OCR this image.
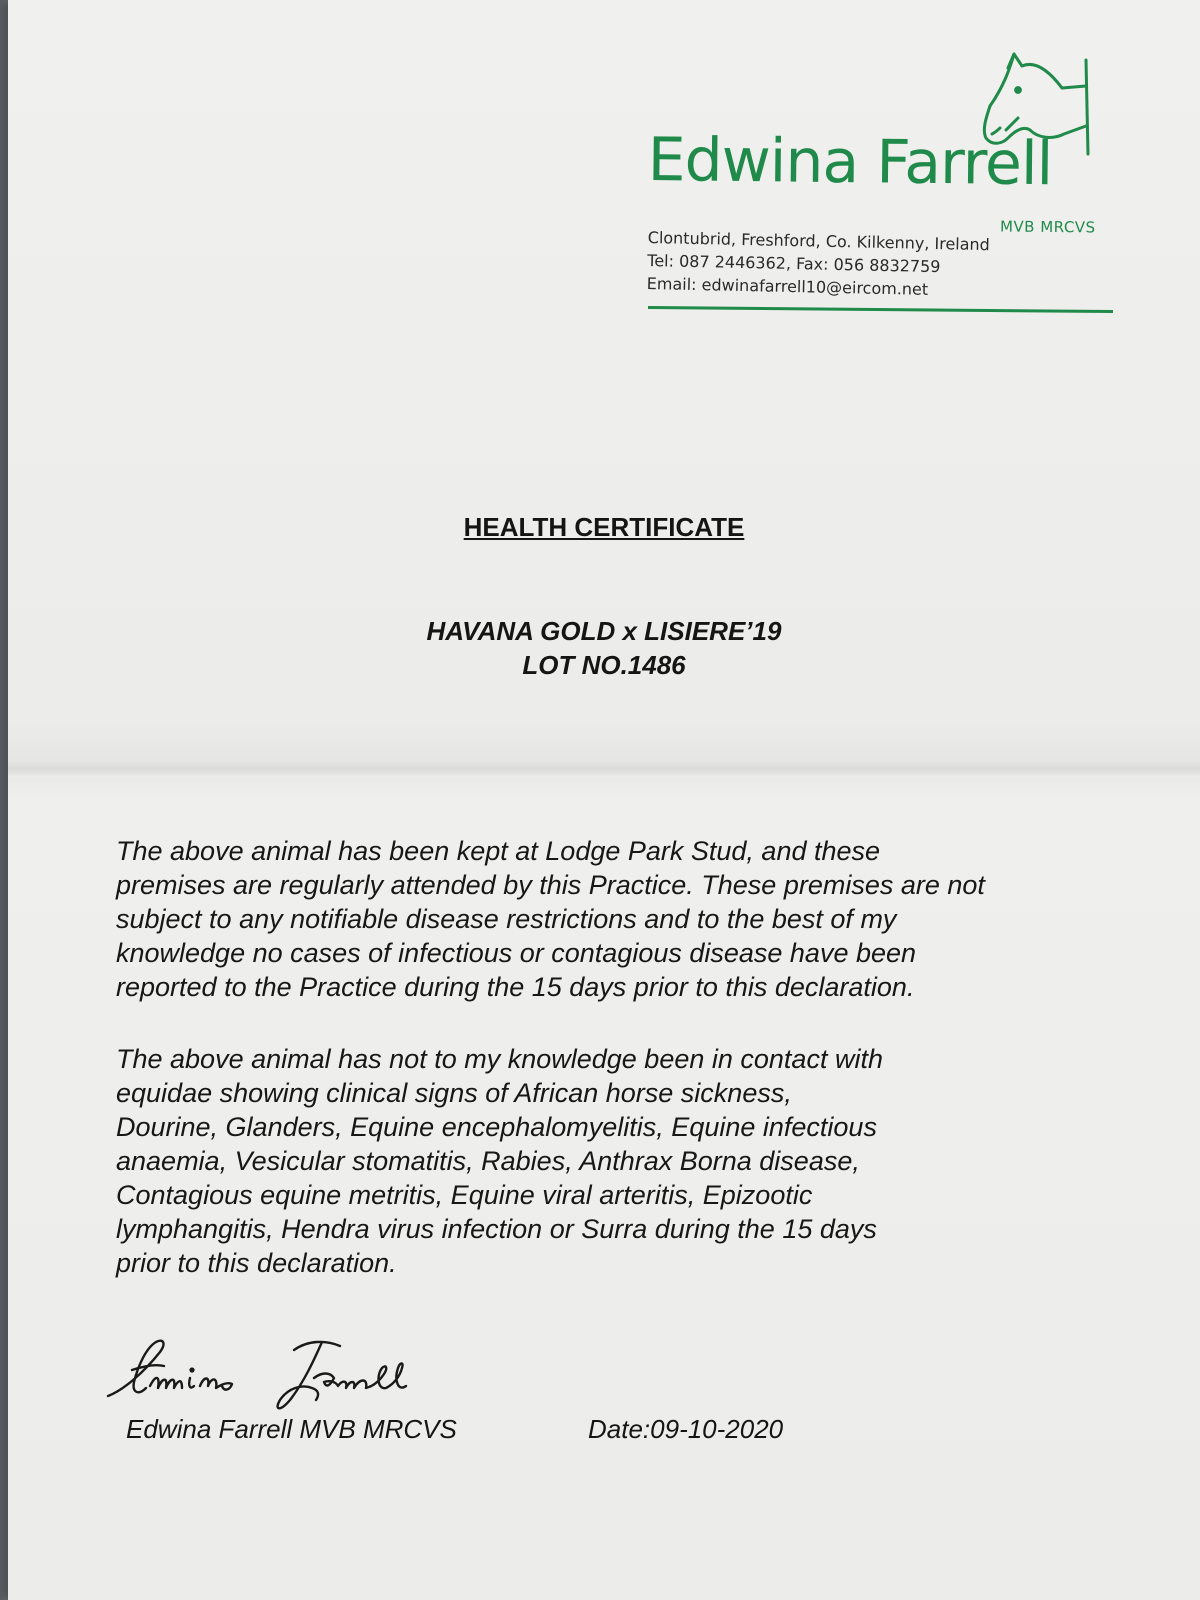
Edwina Farrell
MVB MRCVS
Clontubrid, Freshford, Co. Kilkenny, Ireland
Tel: 087 2446362, Fax: 056 8832759
Email: edwinafarrell10@eircom.net
HEALTH CERTIFICATE
HAVANA GOLD x LISIERE’19
LOT NO.1486
The above animal has been kept at Lodge Park Stud, and these
premises are regularly attended by this Practice. These premises are not
subject to any notifiable disease restrictions and to the best of my
knowledge no cases of infectious or contagious disease have been
reported to the Practice during the 15 days prior to this declaration.
The above animal has not to my knowledge been in contact with
equidae showing clinical signs of African horse sickness,
Dourine, Glanders, Equine encephalomyelitis, Equine infectious
anaemia, Vesicular stomatitis, Rabies, Anthrax Borna disease,
Contagious equine metritis, Equine viral arteritis, Epizootic
lymphangitis, Hendra virus infection or Surra during the 15 days
prior to this declaration.
Edwina Farrell MVB MRCVS	Date:09-10-2020
